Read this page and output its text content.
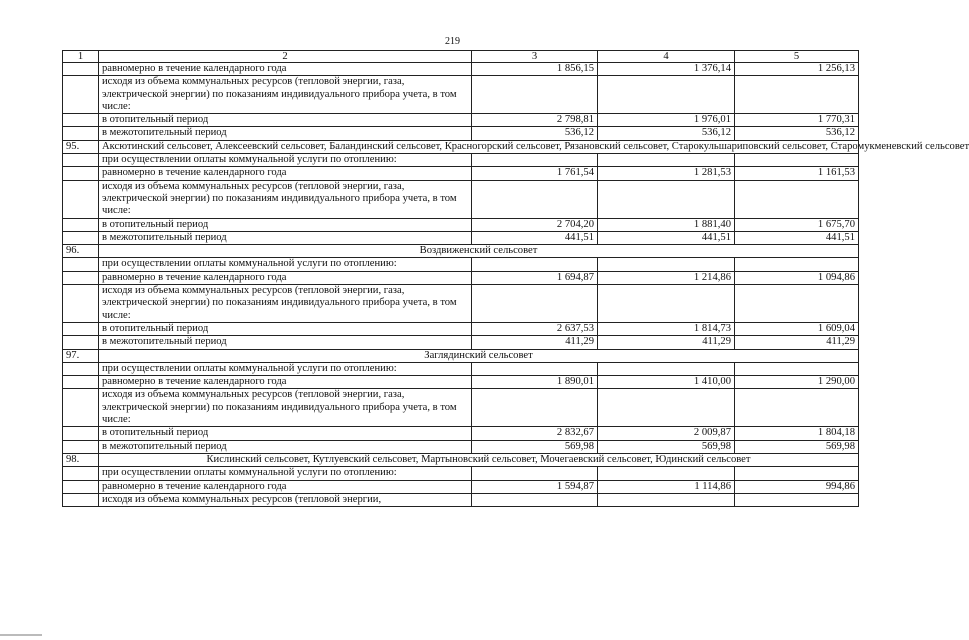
219
1	2	3	4	5
	равномерно в течение календарного года	1 856,15	1 376,14	1 256,13
	исходя из объема коммунальных ресурсов (тепловой энергии, газа, электрической энергии) по показаниям индивидуального прибора учета, в том числе:			
	в отопительный период	2 798,81	1 976,01	1 770,31
	в межотопительный период	536,12	536,12	536,12
95.	Аксютинский сельсовет, Алексеевский сельсовет, Баландинский сельсовет, Красногорский сельсовет, Рязановский сельсовет, Старокульшариповский сельсовет, Старомукменевский сельсовет			
	при осуществлении оплаты коммунальной услуги по отоплению:			
	равномерно в течение календарного года	1 761,54	1 281,53	1 161,53
	исходя из объема коммунальных ресурсов (тепловой энергии, газа, электрической энергии) по показаниям индивидуального прибора учета, в том числе:			
	в отопительный период	2 704,20	1 881,40	1 675,70
	в межотопительный период	441,51	441,51	441,51
96.	Воздвиженский сельсовет			
	при осуществлении оплаты коммунальной услуги по отоплению:			
	равномерно в течение календарного года	1 694,87	1 214,86	1 094,86
	исходя из объема коммунальных ресурсов (тепловой энергии, газа, электрической энергии) по показаниям индивидуального прибора учета, в том числе:			
	в отопительный период	2 637,53	1 814,73	1 609,04
	в межотопительный период	411,29	411,29	411,29
97.	Заглядинский сельсовет			
	при осуществлении оплаты коммунальной услуги по отоплению:			
	равномерно в течение календарного года	1 890,01	1 410,00	1 290,00
	исходя из объема коммунальных ресурсов (тепловой энергии, газа, электрической энергии) по показаниям индивидуального прибора учета, в том числе:			
	в отопительный период	2 832,67	2 009,87	1 804,18
	в межотопительный период	569,98	569,98	569,98
98.	Кислинский сельсовет, Кутлуевский сельсовет, Мартыновский сельсовет, Мочегаевский сельсовет, Юдинский сельсовет			
	при осуществлении оплаты коммунальной услуги по отоплению:			
	равномерно в течение календарного года	1 594,87	1 114,86	994,86
	исходя из объема коммунальных ресурсов (тепловой энергии,			
